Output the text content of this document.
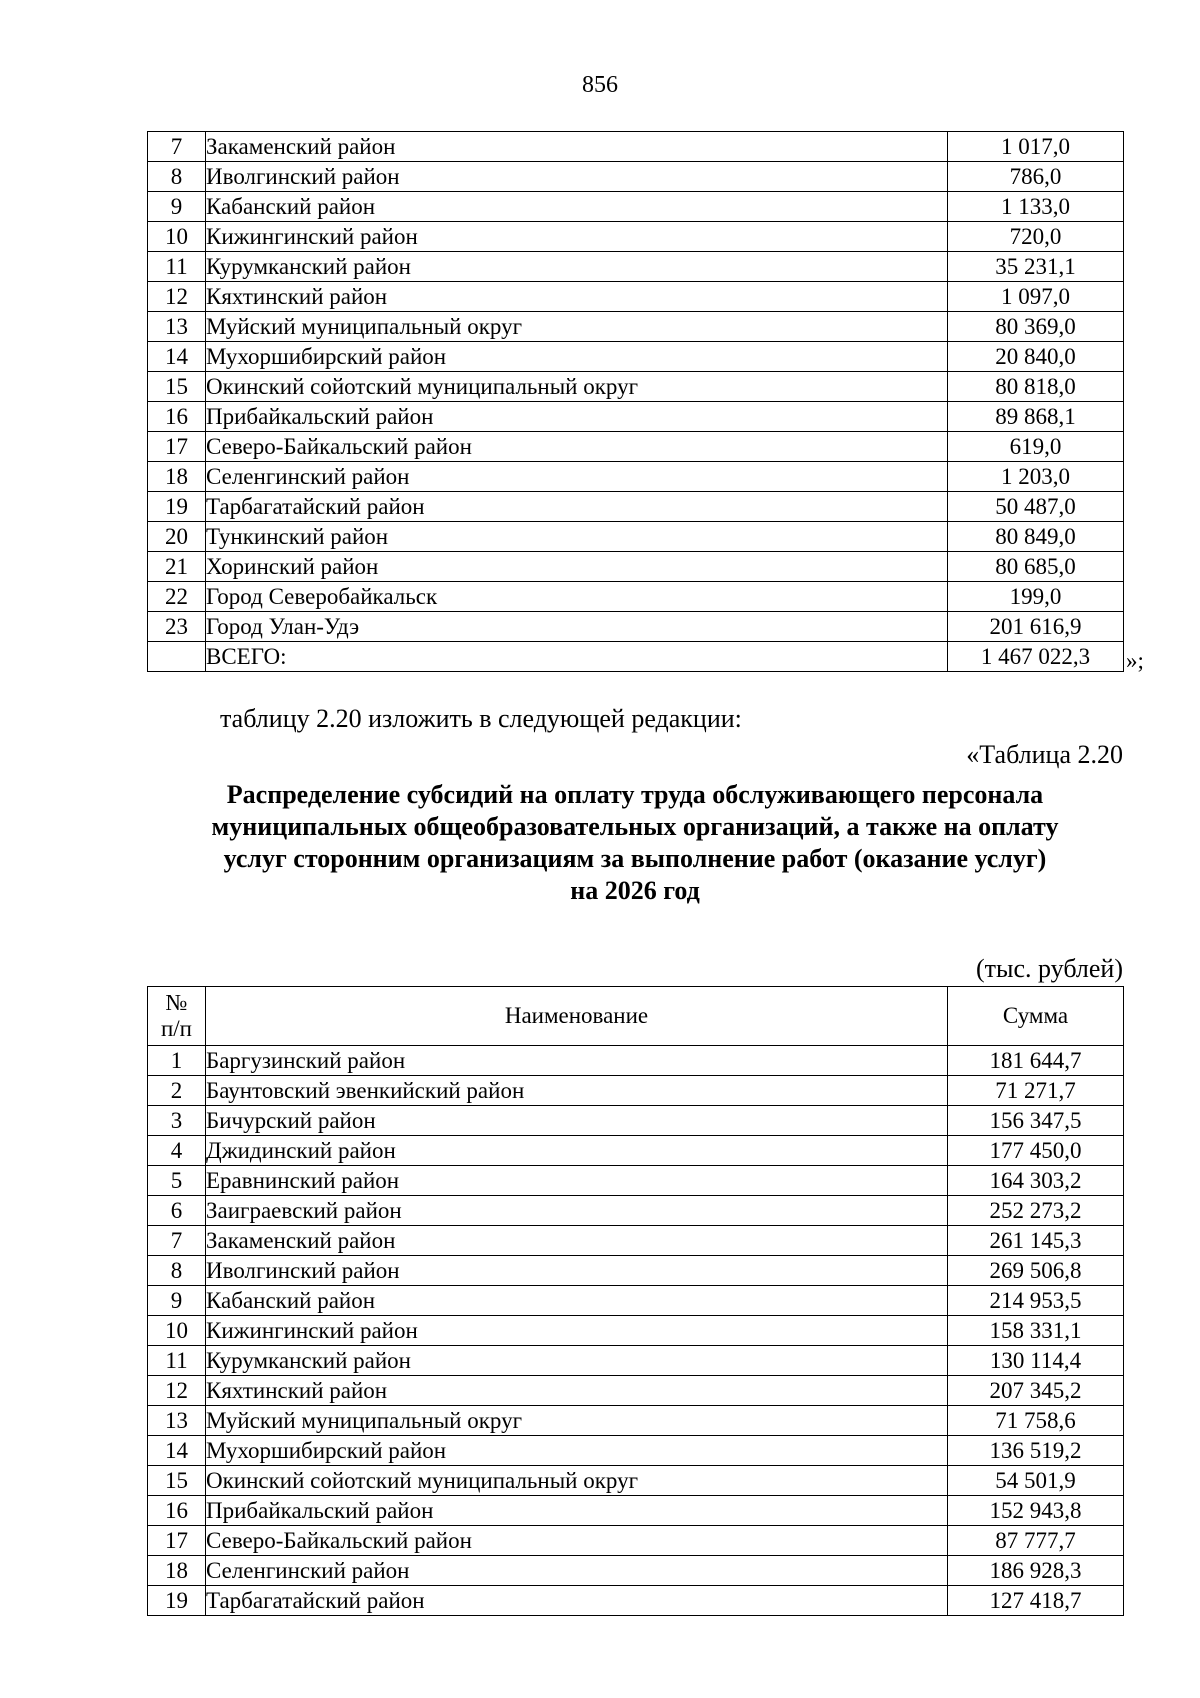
856
7	Закаменский район	1 017,0
8	Иволгинский район	786,0
9	Кабанский район	1 133,0
10	Кижингинский район	720,0
11	Курумканский район	35 231,1
12	Кяхтинский район	1 097,0
13	Муйский муниципальный округ	80 369,0
14	Мухоршибирский район	20 840,0
15	Окинский сойотский муниципальный округ	80 818,0
16	Прибайкальский район	89 868,1
17	Северо-Байкальский район	619,0
18	Селенгинский район	1 203,0
19	Тарбагатайский район	50 487,0
20	Тункинский район	80 849,0
21	Хоринский район	80 685,0
22	Город Северобайкальск	199,0
23	Город Улан-Удэ	201 616,9
	ВСЕГО:	1 467 022,3 »;
таблицу 2.20 изложить в следующей редакции:
«Таблица 2.20
Распределение субсидий на оплату труда обслуживающего персонала
муниципальных общеобразовательных организаций, а также на оплату
услуг сторонним организациям за выполнение работ (оказание услуг)
на 2026 год
(тыс. рублей)
№
п/п	Наименование	Сумма
1	Баргузинский район	181 644,7
2	Баунтовский эвенкийский район	71 271,7
3	Бичурский район	156 347,5
4	Джидинский район	177 450,0
5	Еравнинский район	164 303,2
6	Заиграевский район	252 273,2
7	Закаменский район	261 145,3
8	Иволгинский район	269 506,8
9	Кабанский район	214 953,5
10	Кижингинский район	158 331,1
11	Курумканский район	130 114,4
12	Кяхтинский район	207 345,2
13	Муйский муниципальный округ	71 758,6
14	Мухоршибирский район	136 519,2
15	Окинский сойотский муниципальный округ	54 501,9
16	Прибайкальский район	152 943,8
17	Северо-Байкальский район	87 777,7
18	Селенгинский район	186 928,3
19	Тарбагатайский район	127 418,7
